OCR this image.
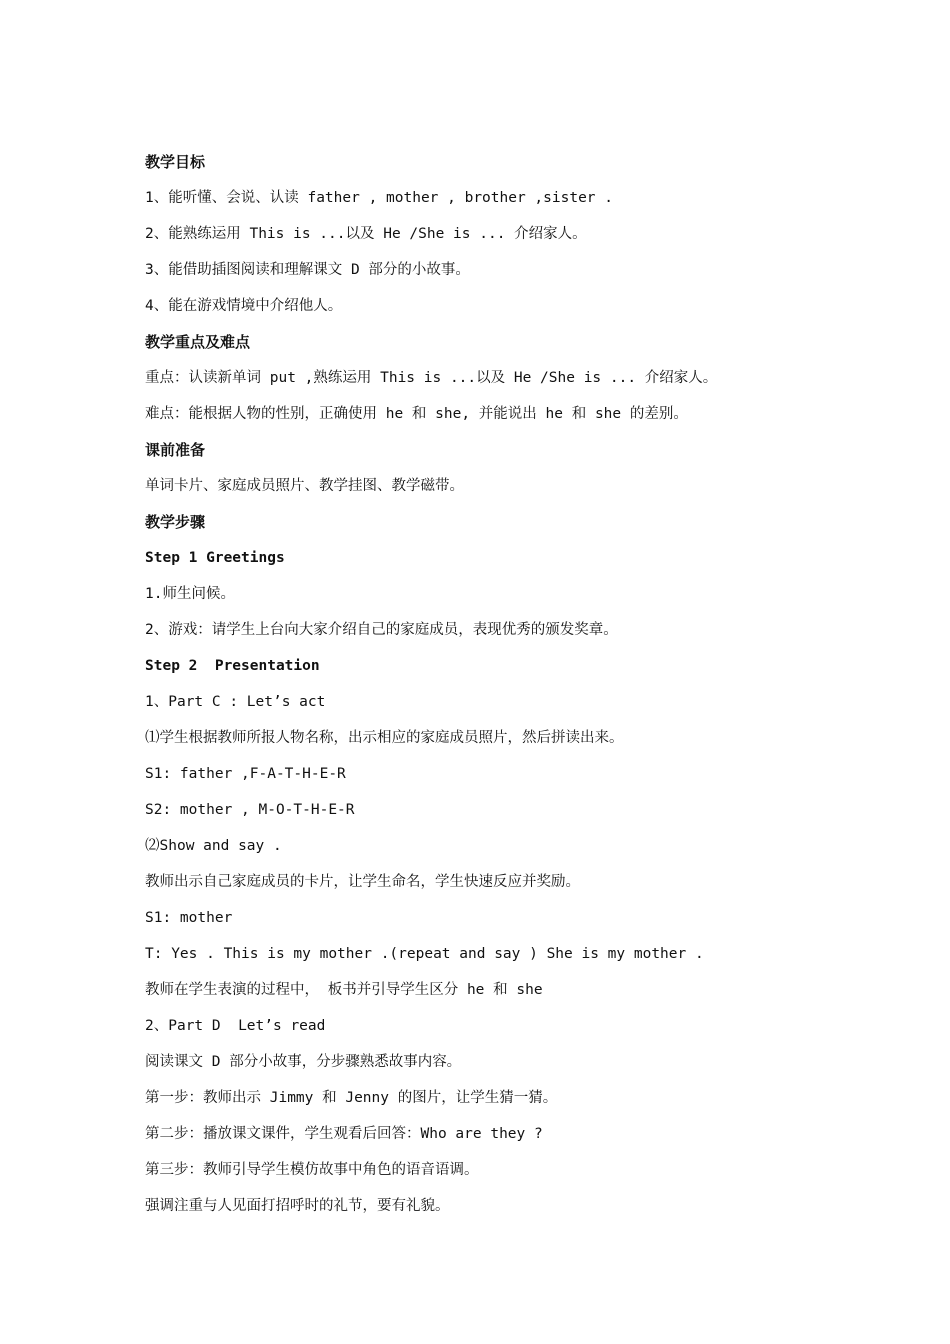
教学目标
1、能听懂、会说、认读 father , mother , brother ,sister .
2、能熟练运用 This is ...以及 He /She is ... 介绍家人。
3、能借助插图阅读和理解课文 D 部分的小故事。
4、能在游戏情境中介绍他人。
教学重点及难点
重点：认读新单词 put ,熟练运用 This is ...以及 He /She is ... 介绍家人。
难点：能根据人物的性别，正确使用 he 和 she, 并能说出 he 和 she 的差别。
课前准备
单词卡片、家庭成员照片、教学挂图、教学磁带。
教学步骤
Step 1 Greetings
1.师生问候。
2、游戏：请学生上台向大家介绍自己的家庭成员，表现优秀的颁发奖章。
Step 2  Presentation
1、Part C : Let’s act
⑴学生根据教师所报人物名称，出示相应的家庭成员照片，然后拼读出来。
S1: father ,F-A-T-H-E-R
S2: mother , M-O-T-H-E-R
⑵Show and say .
教师出示自己家庭成员的卡片，让学生命名，学生快速反应并奖励。
S1: mother
T: Yes . This is my mother .(repeat and say ) She is my mother .
教师在学生表演的过程中， 板书并引导学生区分 he 和 she
2、Part D  Let’s read
阅读课文 D 部分小故事，分步骤熟悉故事内容。
第一步：教师出示 Jimmy 和 Jenny 的图片，让学生猜一猜。
第二步：播放课文课件，学生观看后回答：Who are they ?
第三步：教师引导学生模仿故事中角色的语音语调。
强调注重与人见面打招呼时的礼节，要有礼貌。
